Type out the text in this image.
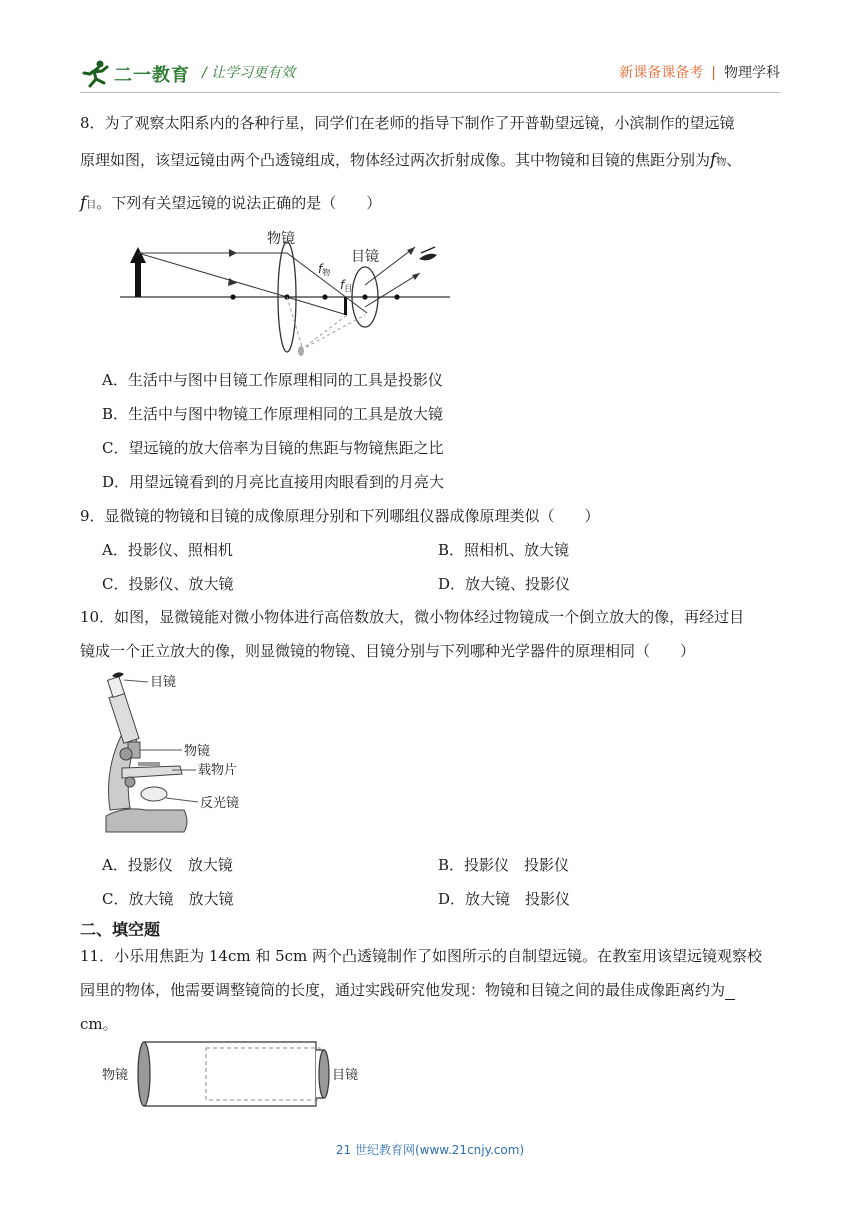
二一教育 / 让学习更有效	新课备课备考 | 物理学科
8．为了观察太阳系内的各种行星，同学们在老师的指导下制作了开普勒望远镜，小滨制作的望远镜
原理如图，该望远镜由两个凸透镜组成，物体经过两次折射成像。其中物镜和目镜的焦距分别为f物、
f目。下列有关望远镜的说法正确的是（　　）
物镜
目镜
f物
f目
A．生活中与图中目镜工作原理相同的工具是投影仪
B．生活中与图中物镜工作原理相同的工具是放大镜
C．望远镜的放大倍率为目镜的焦距与物镜焦距之比
D．用望远镜看到的月亮比直接用肉眼看到的月亮大
9．显微镜的物镜和目镜的成像原理分别和下列哪组仪器成像原理类似（　　）
A．投影仪、照相机	B．照相机、放大镜
C．投影仪、放大镜	D．放大镜、投影仪
10．如图，显微镜能对微小物体进行高倍数放大，微小物体经过物镜成一个倒立放大的像，再经过目
镜成一个正立放大的像，则显微镜的物镜、目镜分别与下列哪种光学器件的原理相同（　　）
目镜
物镜
载物片
反光镜
A．投影仪　放大镜	B．投影仪　投影仪
C．放大镜　放大镜	D．放大镜　投影仪
二、填空题
11．小乐用焦距为 14cm 和 5cm 两个凸透镜制作了如图所示的自制望远镜。在教室用该望远镜观察校
园里的物体，他需要调整镜筒的长度，通过实践研究他发现：物镜和目镜之间的最佳成像距离约为
cm。
物镜	目镜
21 世纪教育网(www.21cnjy.com)
